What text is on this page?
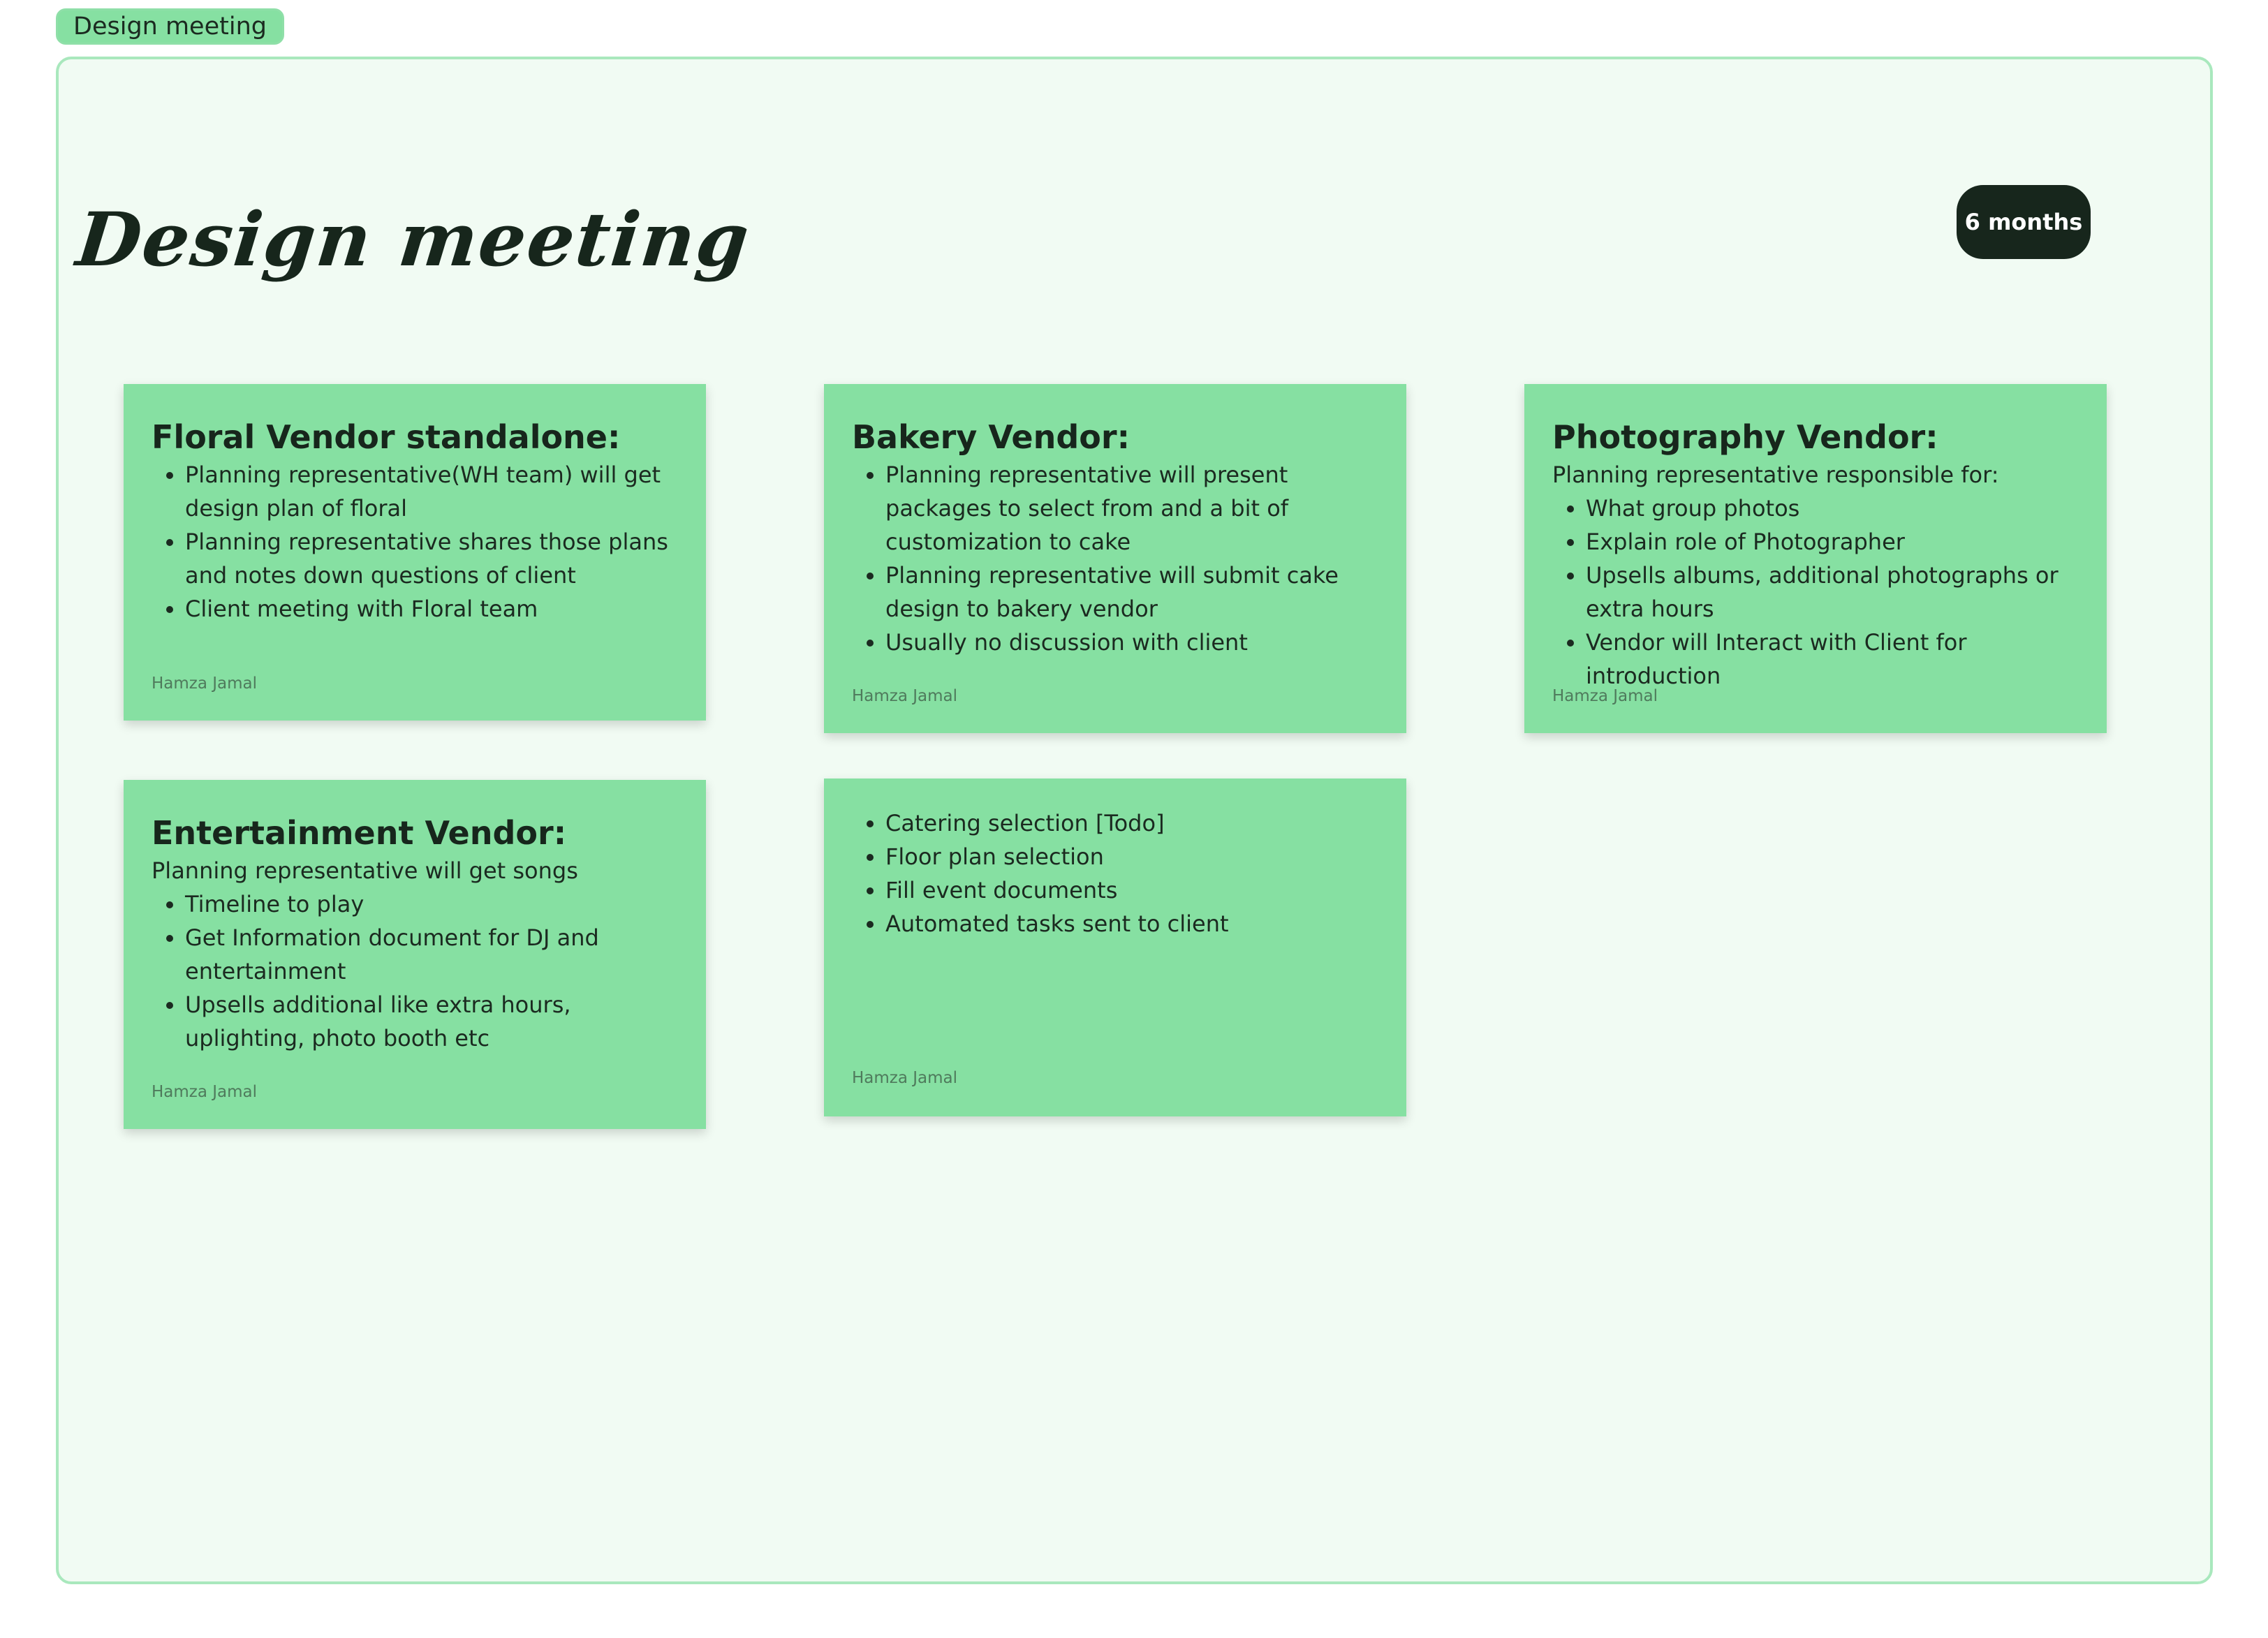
Design meeting
Design meeting	6 months
Floral Vendor standalone:
• Planning representative(WH team) will get design plan of floral
• Planning representative shares those plans and notes down questions of client
• Client meeting with Floral team
Hamza Jamal
Bakery Vendor:
• Planning representative will present packages to select from and a bit of customization to cake
• Planning representative will submit cake design to bakery vendor
• Usually no discussion with client
Hamza Jamal
Photography Vendor:

Planning representative responsible for:

• What group photos
• Explain role of Photographer
• Upsells albums, additional photographs or extra hours
• Vendor will Interact with Client for introduction
Hamza Jamal
Entertainment Vendor:

Planning representative will get songs

• Timeline to play
• Get Information document for DJ and entertainment
• Upsells additional like extra hours, uplighting, photo booth etc
Hamza Jamal
• Catering selection [Todo]
• Floor plan selection
• Fill event documents
• Automated tasks sent to client
Hamza Jamal
